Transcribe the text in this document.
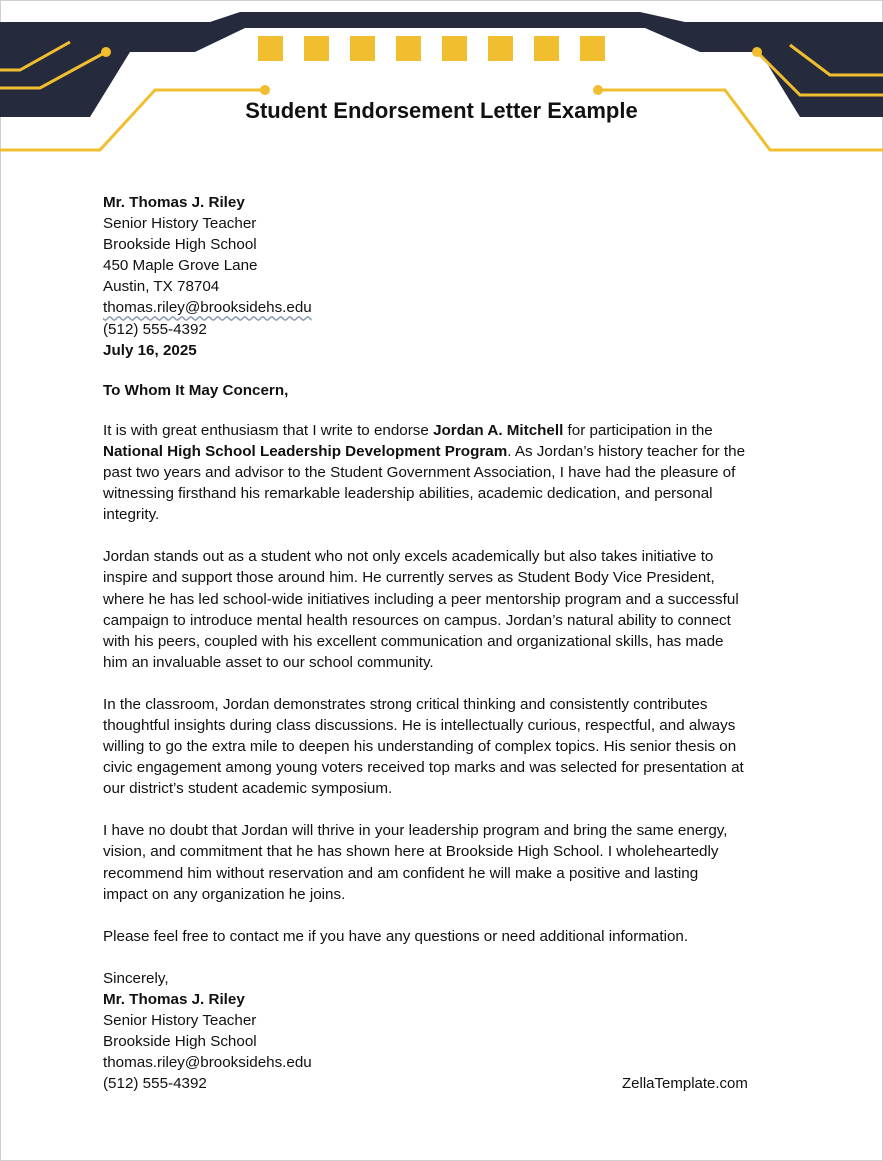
Student Endorsement Letter Example
Mr. Thomas J. Riley
Senior History Teacher
Brookside High School
450 Maple Grove Lane
Austin, TX 78704
thomas.riley@brooksidehs.edu
(512) 555-4392
July 16, 2025
To Whom It May Concern,
It is with great enthusiasm that I write to endorse Jordan A. Mitchell for participation in the
National High School Leadership Development Program. As Jordan’s history teacher for the
past two years and advisor to the Student Government Association, I have had the pleasure of
witnessing firsthand his remarkable leadership abilities, academic dedication, and personal
integrity.
Jordan stands out as a student who not only excels academically but also takes initiative to
inspire and support those around him. He currently serves as Student Body Vice President,
where he has led school-wide initiatives including a peer mentorship program and a successful
campaign to introduce mental health resources on campus. Jordan’s natural ability to connect
with his peers, coupled with his excellent communication and organizational skills, has made
him an invaluable asset to our school community.
In the classroom, Jordan demonstrates strong critical thinking and consistently contributes
thoughtful insights during class discussions. He is intellectually curious, respectful, and always
willing to go the extra mile to deepen his understanding of complex topics. His senior thesis on
civic engagement among young voters received top marks and was selected for presentation at
our district’s student academic symposium.
I have no doubt that Jordan will thrive in your leadership program and bring the same energy,
vision, and commitment that he has shown here at Brookside High School. I wholeheartedly
recommend him without reservation and am confident he will make a positive and lasting
impact on any organization he joins.
Please feel free to contact me if you have any questions or need additional information.
Sincerely,
Mr. Thomas J. Riley
Senior History Teacher
Brookside High School
thomas.riley@brooksidehs.edu
(512) 555-4392	ZellaTemplate.com
